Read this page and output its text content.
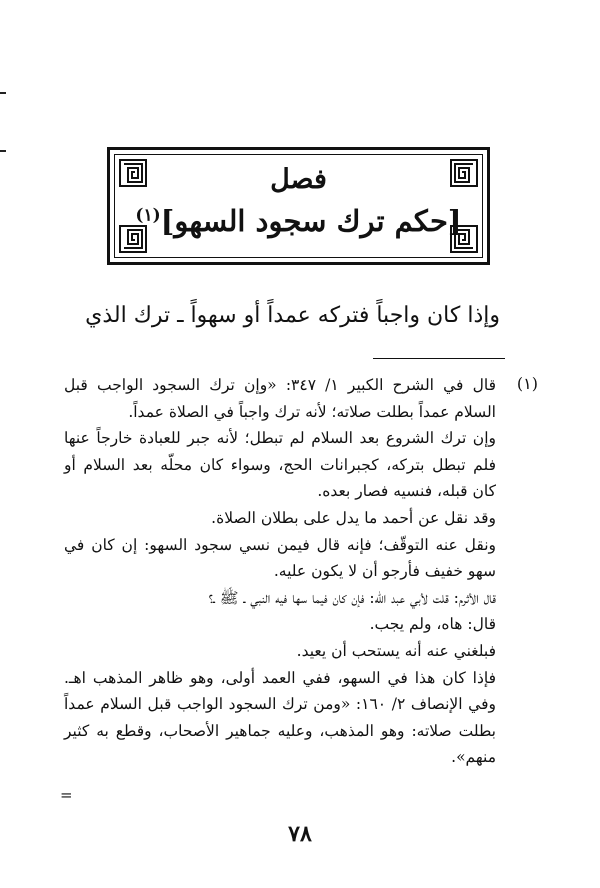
فصل
[حكم ترك سجود السهو]$^{(١)}$
وإذا كان واجباً فتركه عمداً أو سهواً ـ ترك الذي
(١)

قال في الشرح الكبير ١/ ٣٤٧: «وإن ترك السجود الواجب قبل السلام عمداً بطلت صلاته؛ لأنه ترك واجباً في الصلاة عمداً.

وإن ترك الشروع بعد السلام لم تبطل؛ لأنه جبر للعبادة خارجاً عنها فلم تبطل بتركه، كجبرانات الحج، وسواء كان محلّه بعد السلام أو كان قبله، فنسيه فصار بعده.

وقد نقل عن أحمد ما يدل على بطلان الصلاة.

ونقل عنه التوقّف؛ فإنه قال فيمن نسي سجود السهو: إن كان في سهو خفيف فأرجو أن لا يكون عليه.

قال الأثرم: قلت لأبي عبد الله: فإن كان فيما سها فيه النبي ـ ﷺ ـ؟

قال: هاه، ولم يجب.

فبلغني عنه أنه يستحب أن يعيد.

فإذا كان هذا في السهو، ففي العمد أولى، وهو ظاهر المذهب اهـ. وفي الإنصاف ٢/ ١٦٠: «ومن ترك السجود الواجب قبل السلام عمداً بطلت صلاته: وهو المذهب، وعليه جماهير الأصحاب، وقطع به كثير منهم».

=
٧٨
